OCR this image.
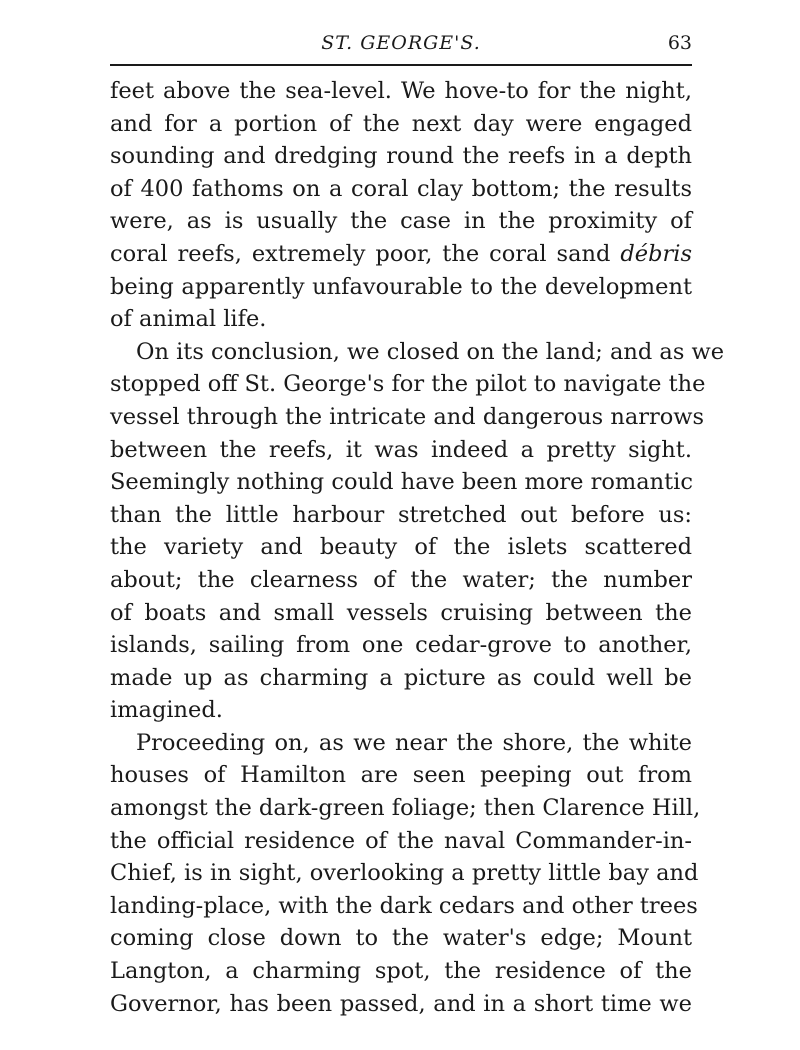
ST. GEORGE'S.	63
feet above the sea-level. We hove-to for the night,
and for a portion of the next day were engaged
sounding and dredging round the reefs in a depth
of 400 fathoms on a coral clay bottom; the results
were, as is usually the case in the proximity of
coral reefs, extremely poor, the coral sand débris
being apparently unfavourable to the development
of animal life.
On its conclusion, we closed on the land; and as we
stopped off St. George's for the pilot to navigate the
vessel through the intricate and dangerous narrows
between the reefs, it was indeed a pretty sight.
Seemingly nothing could have been more romantic
than the little harbour stretched out before us:
the variety and beauty of the islets scattered
about; the clearness of the water; the number
of boats and small vessels cruising between the
islands, sailing from one cedar-grove to another,
made up as charming a picture as could well be
imagined.
Proceeding on, as we near the shore, the white
houses of Hamilton are seen peeping out from
amongst the dark-green foliage; then Clarence Hill,
the official residence of the naval Commander-in-
Chief, is in sight, overlooking a pretty little bay and
landing-place, with the dark cedars and other trees
coming close down to the water's edge; Mount
Langton, a charming spot, the residence of the
Governor, has been passed, and in a short time we
